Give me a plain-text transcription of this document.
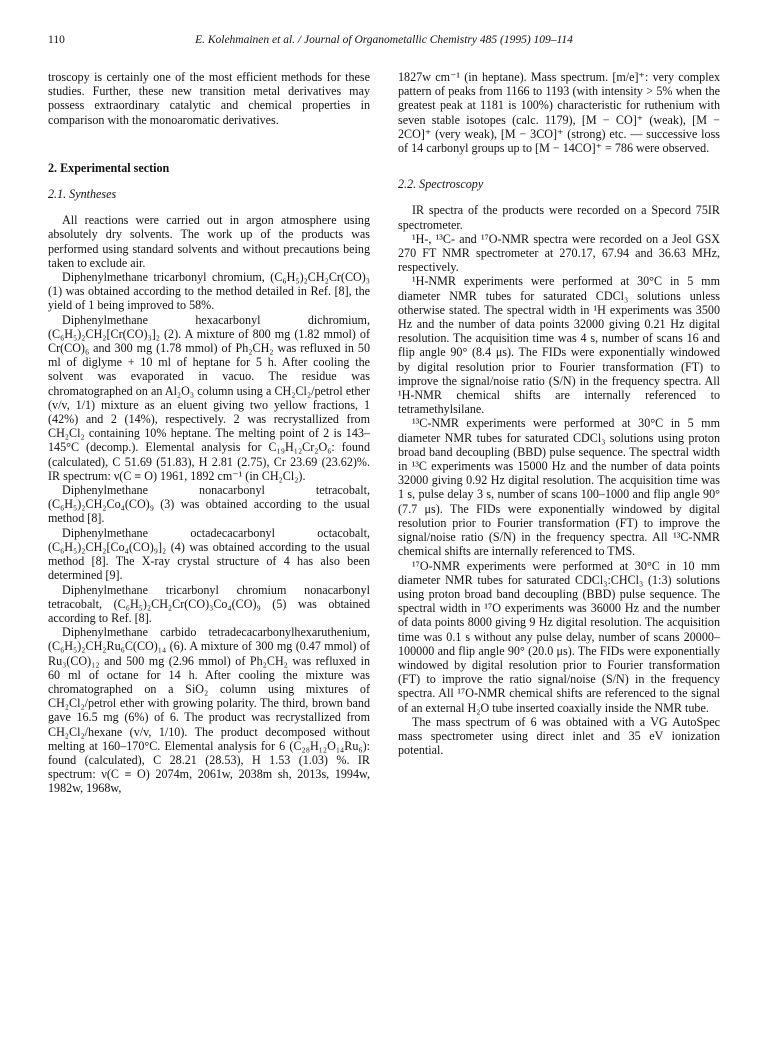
110	E. Kolehmainen et al. / Journal of Organometallic Chemistry 485 (1995) 109–114

troscopy is certainly one of the most efficient methods for these studies. Further, these new transition metal derivatives may possess extraordinary catalytic and chemical properties in comparison with the monoaromatic derivatives.

2. Experimental section

2.1. Syntheses

All reactions were carried out in argon atmosphere using absolutely dry solvents. The work up of the products was performed using standard solvents and without precautions being taken to exclude air.

Diphenylmethane tricarbonyl chromium, (C₆H₅)₂CH₂Cr(CO)₃ (1) was obtained according to the method detailed in Ref. [8], the yield of 1 being improved to 58%.

Diphenylmethane hexacarbonyl dichromium, (C₆H₅)₂CH₂[Cr(CO)₃]₂ (2). A mixture of 800 mg (1.82 mmol) of Cr(CO)₆ and 300 mg (1.78 mmol) of Ph₂CH₂ was refluxed in 50 ml of diglyme + 10 ml of heptane for 5 h. After cooling the solvent was evaporated in vacuo. The residue was chromatographed on an Al₂O₃ column using a CH₂Cl₂/petrol ether (v/v, 1/1) mixture as an eluent giving two yellow fractions, 1 (42%) and 2 (14%), respectively. 2 was recrystallized from CH₂Cl₂ containing 10% heptane. The melting point of 2 is 143–145°C (decomp.). Elemental analysis for C₁₉H₁₂Cr₂O₆: found (calculated), C 51.69 (51.83), H 2.81 (2.75), Cr 23.69 (23.62)%. IR spectrum: ν(C ≡ O) 1961, 1892 cm⁻¹ (in CH₂Cl₂).

Diphenylmethane nonacarbonyl tetracobalt, (C₆H₅)₂CH₂Co₄(CO)₉ (3) was obtained according to the usual method [8].

Diphenylmethane octadecacarbonyl octacobalt, (C₆H₅)₂CH₂[Co₄(CO)₉]₂ (4) was obtained according to the usual method [8]. The X-ray crystal structure of 4 has also been determined [9].

Diphenylmethane tricarbonyl chromium nonacarbonyl tetracobalt, (C₆H₅)₂CH₂Cr(CO)₃Co₄(CO)₉ (5) was obtained according to Ref. [8].

Diphenylmethane carbido tetradecacarbonylhexaruthenium, (C₆H₅)₂CH₂Ru₆C(CO)₁₄ (6). A mixture of 300 mg (0.47 mmol) of Ru₃(CO)₁₂ and 500 mg (2.96 mmol) of Ph₂CH₂ was refluxed in 60 ml of octane for 14 h. After cooling the mixture was chromatographed on a SiO₂ column using mixtures of CH₂Cl₂/petrol ether with growing polarity. The third, brown band gave 16.5 mg (6%) of 6. The product was recrystallized from CH₂Cl₂/hexane (v/v, 1/10). The product decomposed without melting at 160–170°C. Elemental analysis for 6 (C₂₈H₁₂O₁₄Ru₆): found (calculated), C 28.21 (28.53), H 1.53 (1.03) %. IR spectrum: ν(C ≡ O) 2074m, 2061w, 2038m sh, 2013s, 1994w, 1982w, 1968w,

1827w cm⁻¹ (in heptane). Mass spectrum. [m/e]⁺: very complex pattern of peaks from 1166 to 1193 (with intensity > 5% when the greatest peak at 1181 is 100%) characteristic for ruthenium with seven stable isotopes (calc. 1179), [M − CO]⁺ (weak), [M − 2CO]⁺ (very weak), [M − 3CO]⁺ (strong) etc. — successive loss of 14 carbonyl groups up to [M − 14CO]⁺ = 786 were observed.

2.2. Spectroscopy

IR spectra of the products were recorded on a Specord 75IR spectrometer.

¹H-, ¹³C- and ¹⁷O-NMR spectra were recorded on a Jeol GSX 270 FT NMR spectrometer at 270.17, 67.94 and 36.63 MHz, respectively.

¹H-NMR experiments were performed at 30°C in 5 mm diameter NMR tubes for saturated CDCl₃ solutions unless otherwise stated. The spectral width in ¹H experiments was 3500 Hz and the number of data points 32000 giving 0.21 Hz digital resolution. The acquisition time was 4 s, number of scans 16 and flip angle 90° (8.4 μs). The FIDs were exponentially windowed by digital resolution prior to Fourier transformation (FT) to improve the signal/noise ratio (S/N) in the frequency spectra. All ¹H-NMR chemical shifts are internally referenced to tetramethylsilane.

¹³C-NMR experiments were performed at 30°C in 5 mm diameter NMR tubes for saturated CDCl₃ solutions using proton broad band decoupling (BBD) pulse sequence. The spectral width in ¹³C experiments was 15000 Hz and the number of data points 32000 giving 0.92 Hz digital resolution. The acquisition time was 1 s, pulse delay 3 s, number of scans 100–1000 and flip angle 90° (7.7 μs). The FIDs were exponentially windowed by digital resolution prior to Fourier transformation (FT) to improve the signal/noise ratio (S/N) in the frequency spectra. All ¹³C-NMR chemical shifts are internally referenced to TMS.

¹⁷O-NMR experiments were performed at 30°C in 10 mm diameter NMR tubes for saturated CDCl₃:CHCl₃ (1:3) solutions using proton broad band decoupling (BBD) pulse sequence. The spectral width in ¹⁷O experiments was 36000 Hz and the number of data points 8000 giving 9 Hz digital resolution. The acquisition time was 0.1 s without any pulse delay, number of scans 20000–100000 and flip angle 90° (20.0 μs). The FIDs were exponentially windowed by digital resolution prior to Fourier transformation (FT) to improve the ratio signal/noise (S/N) in the frequency spectra. All ¹⁷O-NMR chemical shifts are referenced to the signal of an external H₂O tube inserted coaxially inside the NMR tube.

The mass spectrum of 6 was obtained with a VG AutoSpec mass spectrometer using direct inlet and 35 eV ionization potential.
